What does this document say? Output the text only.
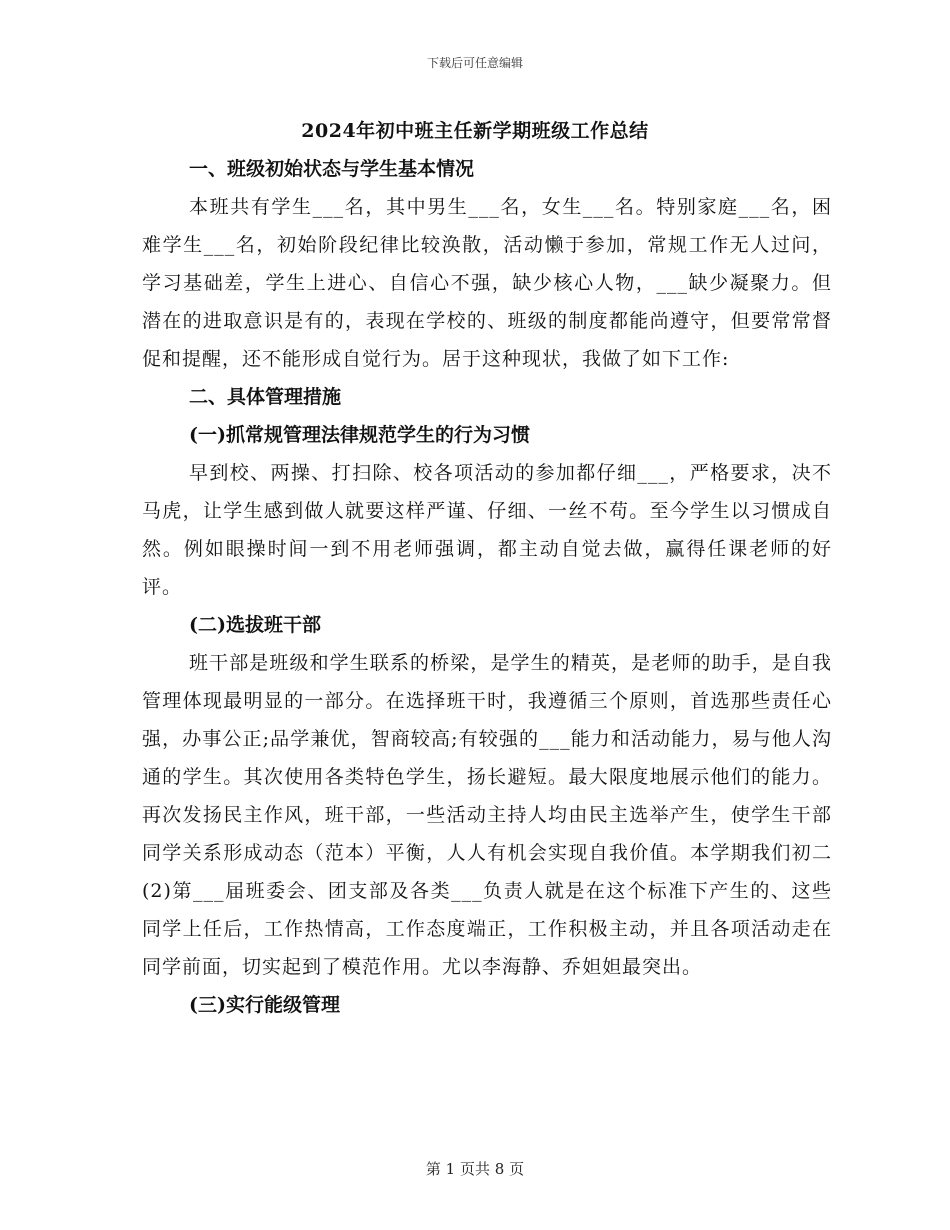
下载后可任意编辑
2024年初中班主任新学期班级工作总结
一、班级初始状态与学生基本情况
本班共有学生___名，其中男生___名，女生___名。特别家庭___名，困难学生___名，初始阶段纪律比较涣散，活动懒于参加，常规工作无人过问，学习基础差，学生上进心、自信心不强，缺少核心人物，___缺少凝聚力。但潜在的进取意识是有的，表现在学校的、班级的制度都能尚遵守，但要常常督促和提醒，还不能形成自觉行为。居于这种现状，我做了如下工作:
二、具体管理措施
(一)抓常规管理法律规范学生的行为习惯
早到校、两操、打扫除、校各项活动的参加都仔细___，严格要求，决不马虎，让学生感到做人就要这样严谨、仔细、一丝不苟。至今学生以习惯成自然。例如眼操时间一到不用老师强调，都主动自觉去做，赢得任课老师的好评。
(二)选拔班干部
班干部是班级和学生联系的桥梁，是学生的精英，是老师的助手，是自我管理体现最明显的一部分。在选择班干时，我遵循三个原则，首选那些责任心强，办事公正;品学兼优，智商较高;有较强的___能力和活动能力，易与他人沟通的学生。其次使用各类特色学生，扬长避短。最大限度地展示他们的能力。再次发扬民主作风，班干部，一些活动主持人均由民主选举产生，使学生干部同学关系形成动态（范本）平衡，人人有机会实现自我价值。本学期我们初二(2)第___届班委会、团支部及各类___负责人就是在这个标准下产生的、这些同学上任后，工作热情高，工作态度端正，工作积极主动，并且各项活动走在同学前面，切实起到了模范作用。尤以李海静、乔妲妲最突出。
(三)实行能级管理
第 1 页共 8 页
